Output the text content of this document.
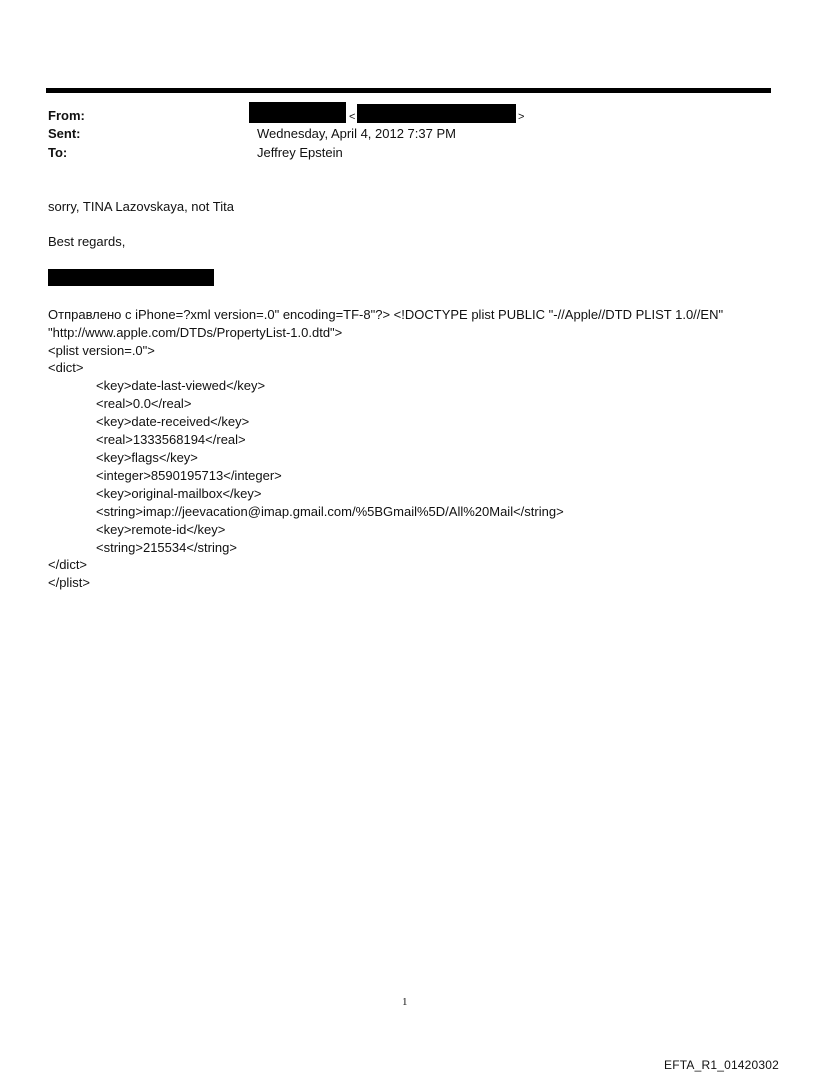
From:	<	>
Sent:	Wednesday, April 4, 2012 7:37 PM
To:	Jeffrey Epstein
sorry, TINA Lazovskaya, not Tita
Best regards,
Отправлено с iPhone=?xml version=.0" encoding=TF-8"?> <!DOCTYPE plist PUBLIC "-//Apple//DTD PLIST 1.0//EN"
"http://www.apple.com/DTDs/PropertyList-1.0.dtd">
<plist version=.0">
<dict>
<key>date-last-viewed</key>
<real>0.0</real>
<key>date-received</key>
<real>1333568194</real>
<key>flags</key>
<integer>8590195713</integer>
<key>original-mailbox</key>
<string>imap://jeevacation@imap.gmail.com/%5BGmail%5D/All%20Mail</string>
<key>remote-id</key>
<string>215534</string>
</dict>
</plist>
1
EFTA_R1_01420302
